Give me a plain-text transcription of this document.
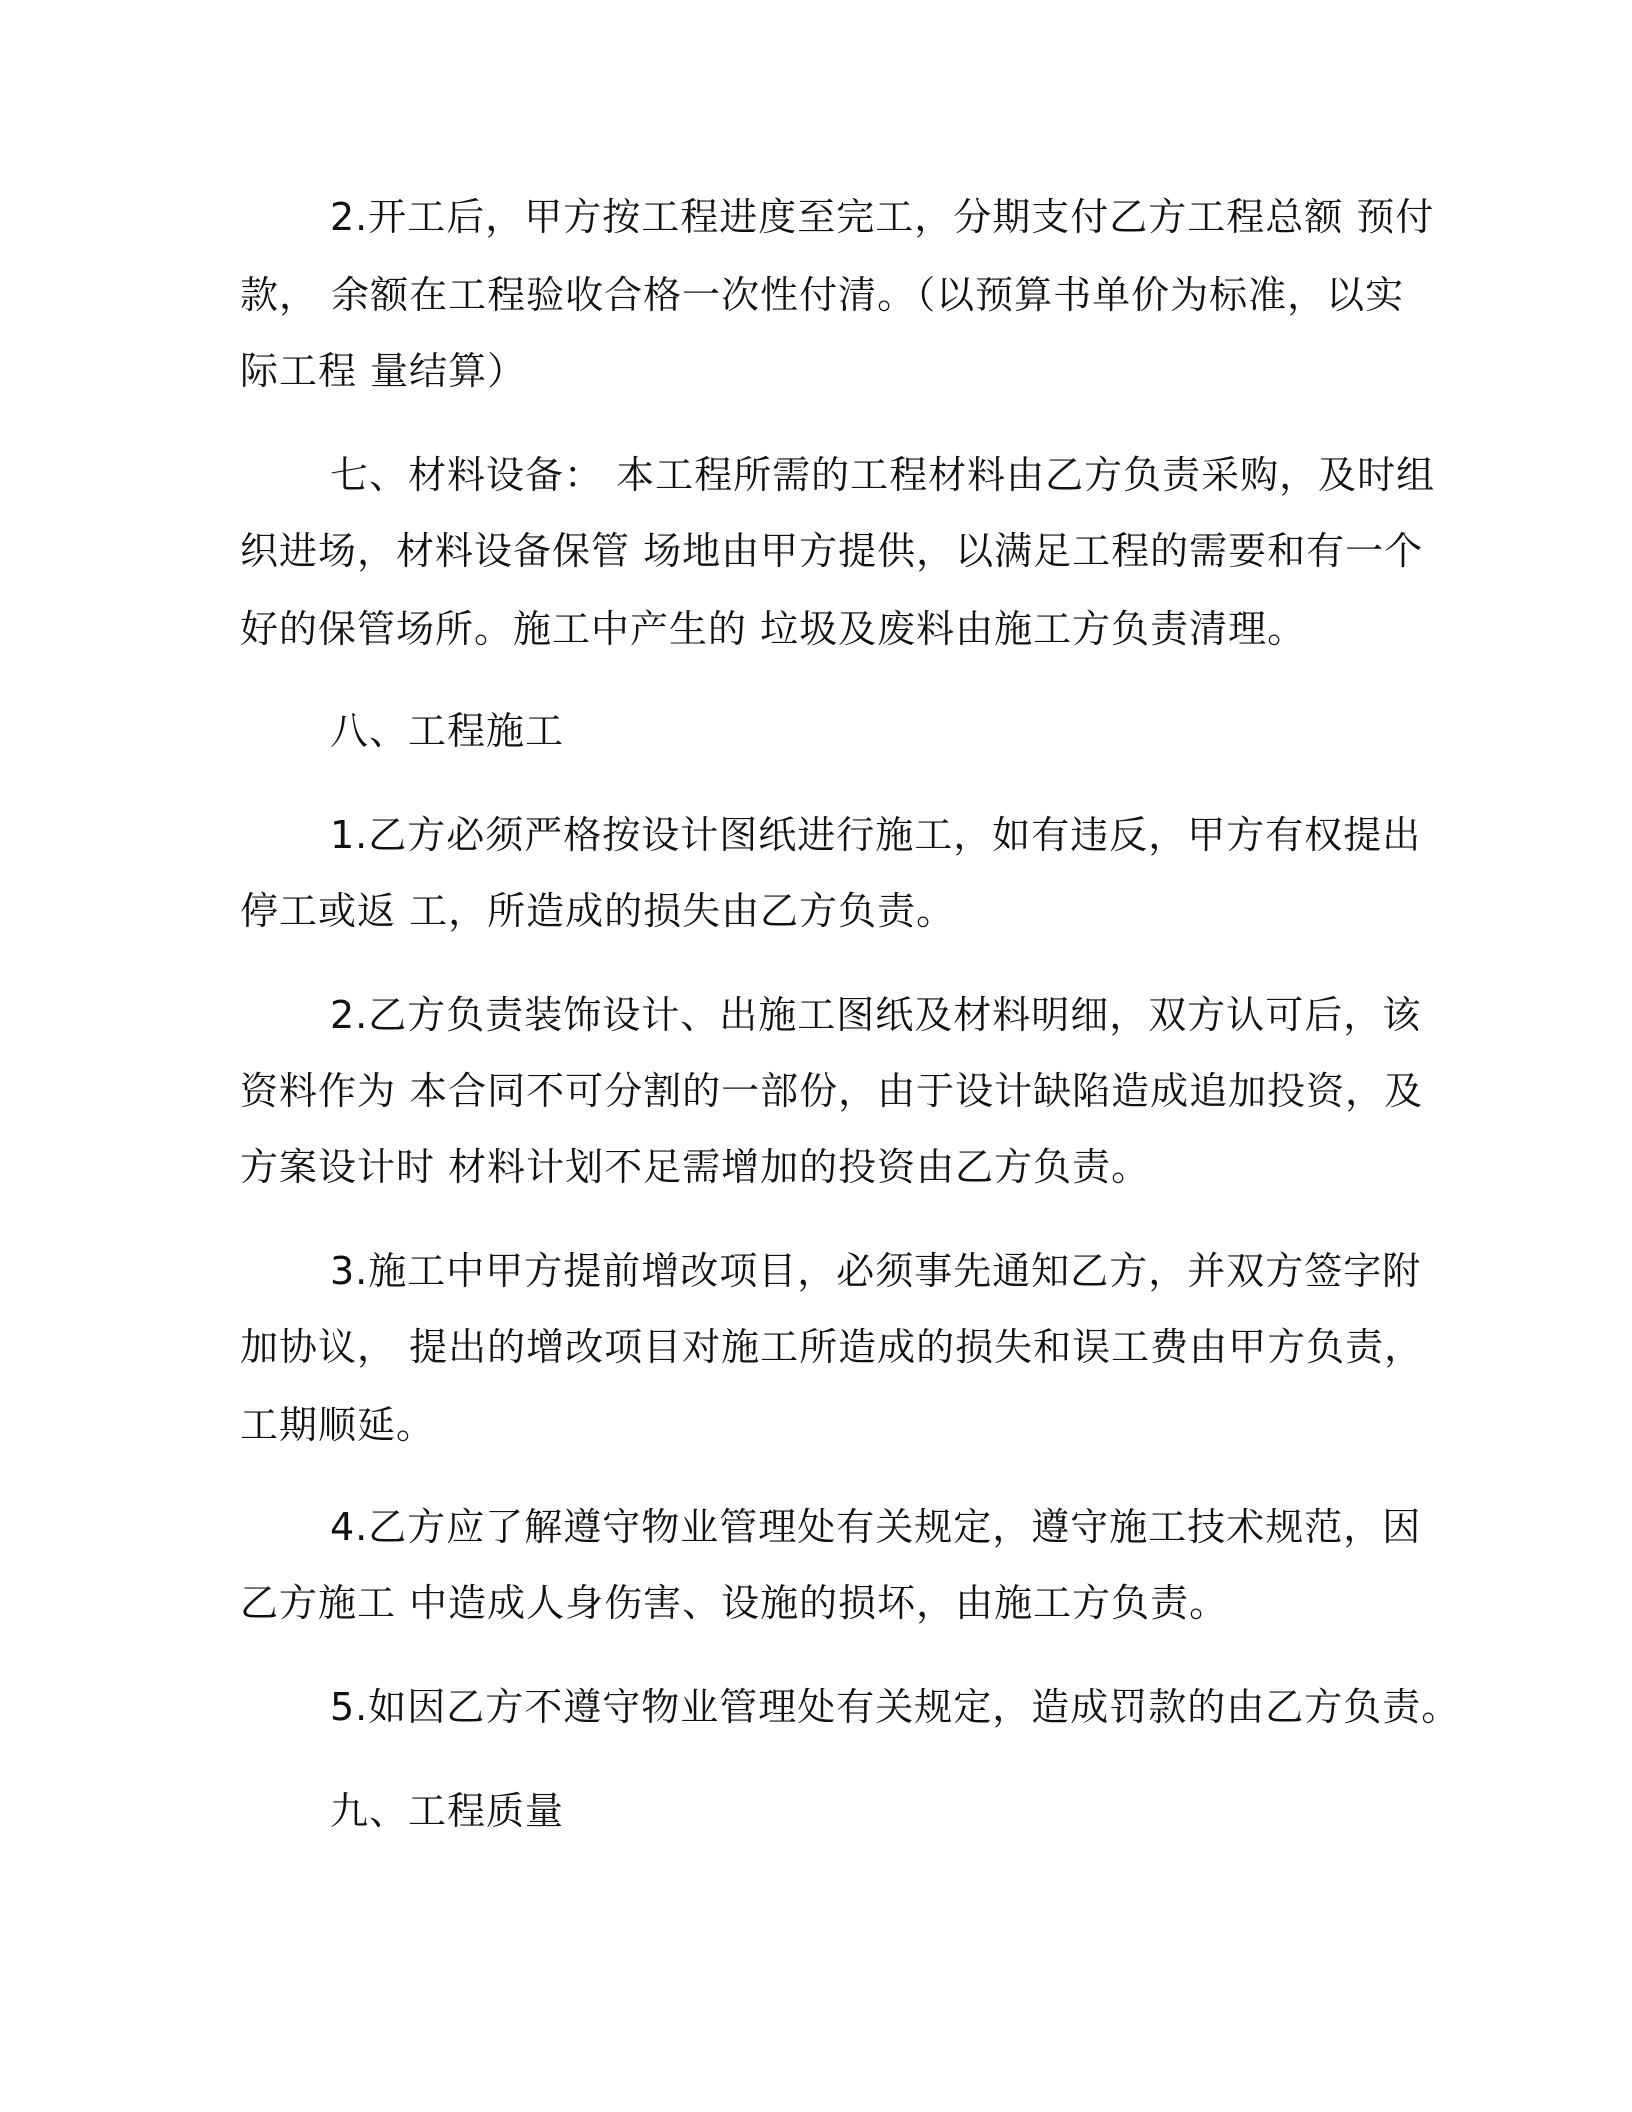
2.开工后，甲方按工程进度至完工，分期支付乙方工程总额 预付
款， 余额在工程验收合格一次性付清。（以预算书单价为标准，以实
际工程 量结算）
七、材料设备： 本工程所需的工程材料由乙方负责采购，及时组
织进场，材料设备保管 场地由甲方提供，以满足工程的需要和有一个
好的保管场所。施工中产生的 垃圾及废料由施工方负责清理。
八、工程施工
1.乙方必须严格按设计图纸进行施工，如有违反，甲方有权提出
停工或返 工，所造成的损失由乙方负责。
2.乙方负责装饰设计、出施工图纸及材料明细，双方认可后，该
资料作为 本合同不可分割的一部份，由于设计缺陷造成追加投资，及
方案设计时 材料计划不足需增加的投资由乙方负责。
3.施工中甲方提前增改项目，必须事先通知乙方，并双方签字附
加协议， 提出的增改项目对施工所造成的损失和误工费由甲方负责，
工期顺延。
4.乙方应了解遵守物业管理处有关规定，遵守施工技术规范，因
乙方施工 中造成人身伤害、设施的损坏，由施工方负责。
5.如因乙方不遵守物业管理处有关规定，造成罚款的由乙方负责。
九、工程质量
